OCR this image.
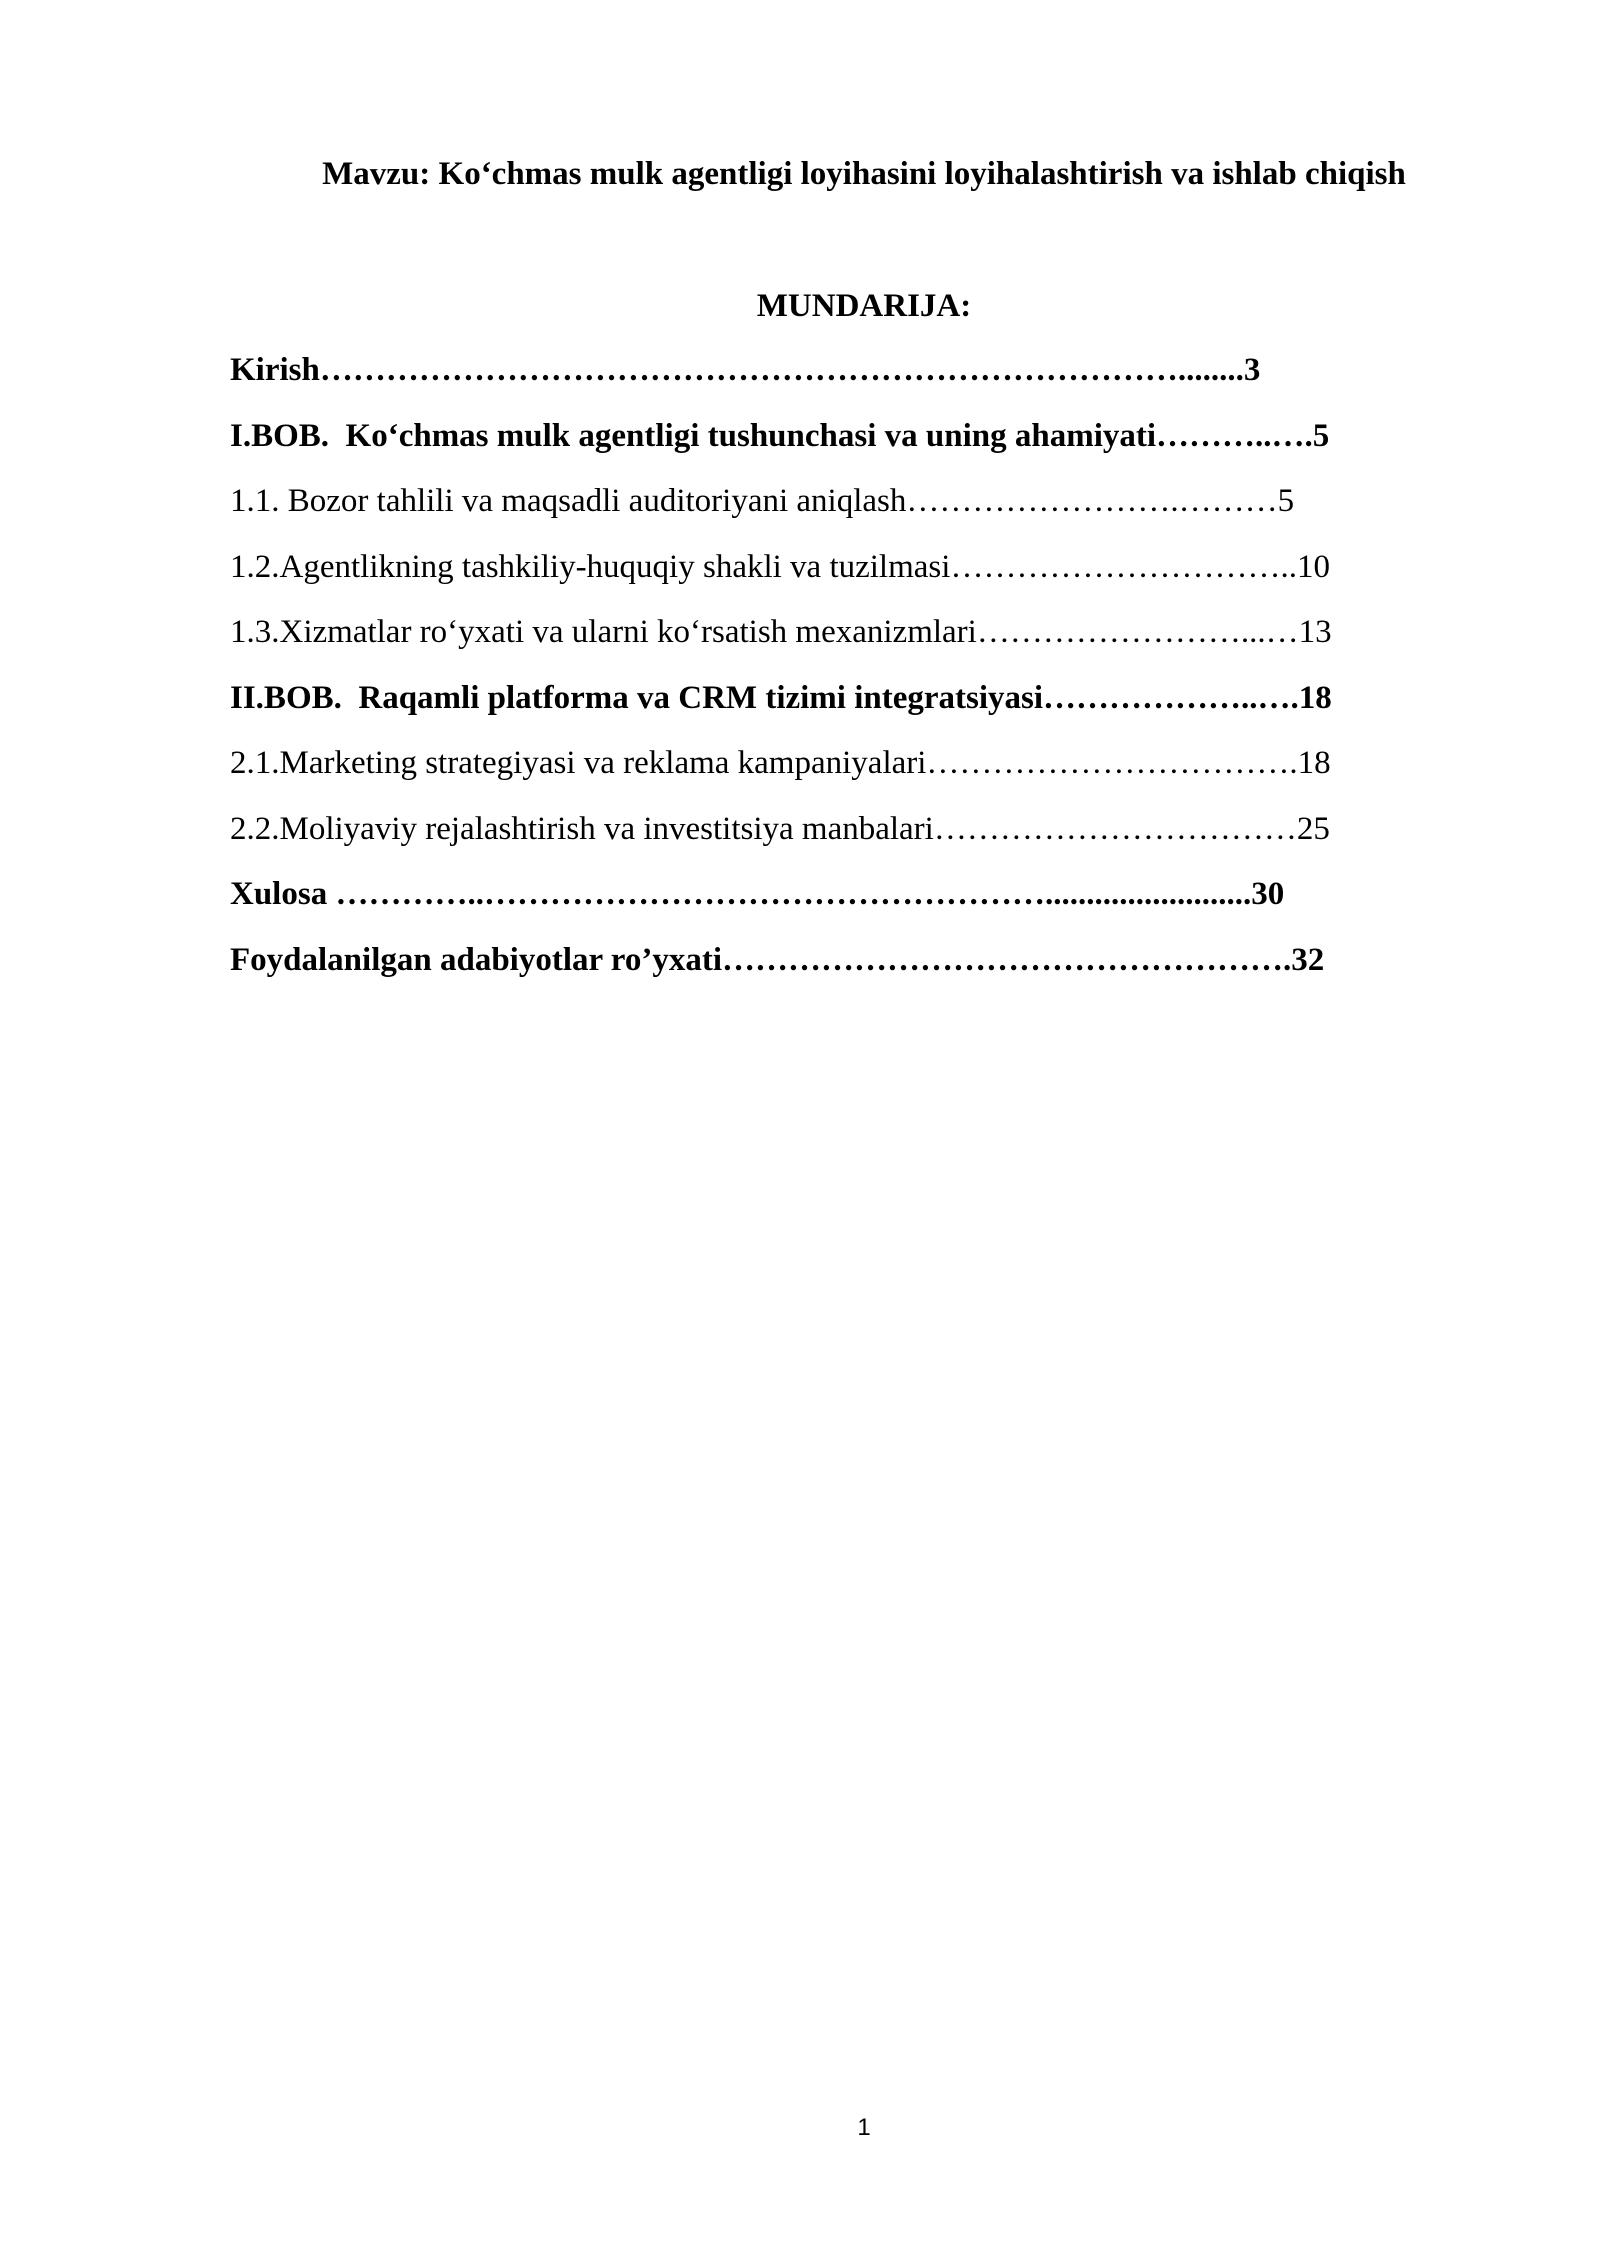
Mavzu: Ko‘chmas mulk agentligi loyihasini loyihalashtirish va ishlab chiqish
MUNDARIJA:
Kirish……………………………………………………………………........3
I.BOB.  Ko‘chmas mulk agentligi tushunchasi va uning ahamiyati………..….5
1.1. Bozor tahlili va maqsadli auditoriyani aniqlash…………………….………5
1.2.Agentlikning tashkiliy-huquqiy shakli va tuzilmasi…………………………..10
1.3.Xizmatlar ro‘yxati va ularni ko‘rsatish mexanizmlari……………………...…13
II.BOB.  Raqamli platforma va CRM tizimi integratsiyasi………………..….18
2.1.Marketing strategiyasi va reklama kampaniyalari…………………………….18
2.2.Moliyaviy rejalashtirish va investitsiya manbalari……………………………25
Xulosa …………..…………………………………………….........................30
Foydalanilgan adabiyotlar ro’yxati…………………………………………….32
1
